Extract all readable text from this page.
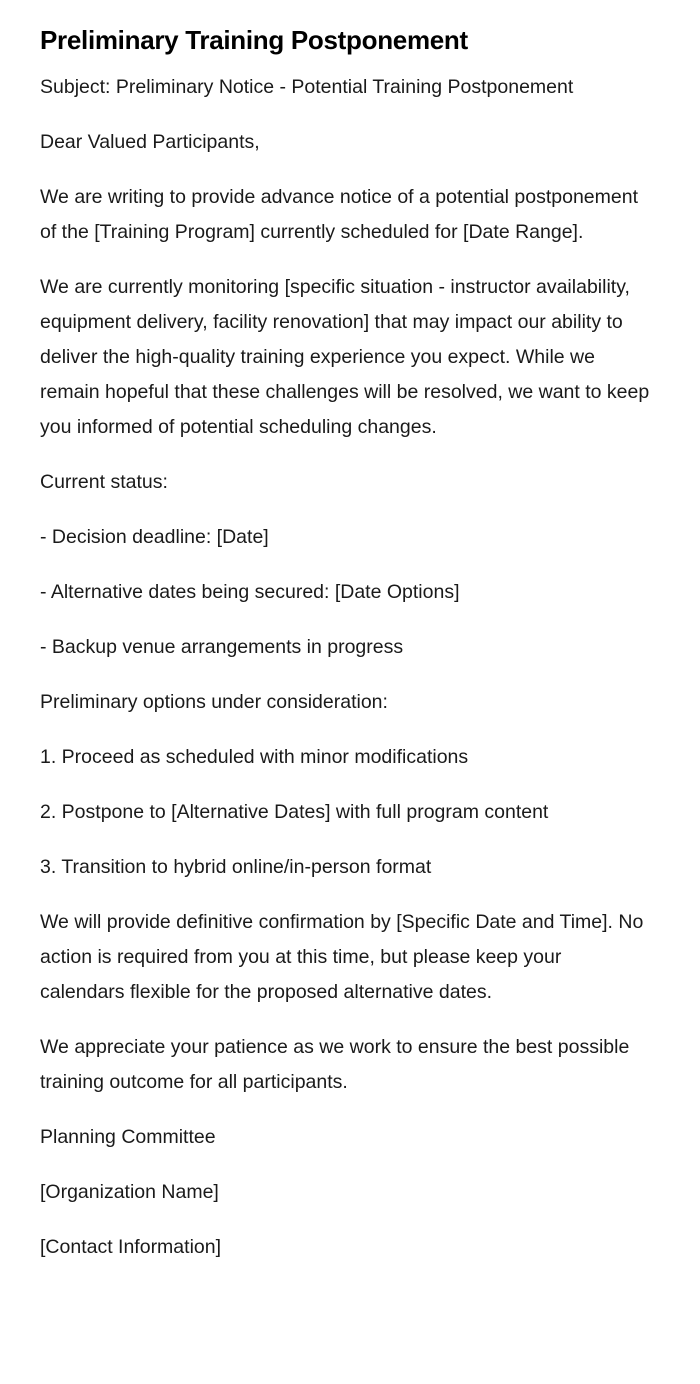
Preliminary Training Postponement

Subject: Preliminary Notice - Potential Training Postponement

Dear Valued Participants,

We are writing to provide advance notice of a potential postponement of the [Training Program] currently scheduled for [Date Range].

We are currently monitoring [specific situation - instructor availability, equipment delivery, facility renovation] that may impact our ability to deliver the high-quality training experience you expect. While we remain hopeful that these challenges will be resolved, we want to keep you informed of potential scheduling changes.

Current status:

- Decision deadline: [Date]

- Alternative dates being secured: [Date Options]

- Backup venue arrangements in progress

Preliminary options under consideration:

1. Proceed as scheduled with minor modifications

2. Postpone to [Alternative Dates] with full program content

3. Transition to hybrid online/in-person format

We will provide definitive confirmation by [Specific Date and Time]. No action is required from you at this time, but please keep your calendars flexible for the proposed alternative dates.

We appreciate your patience as we work to ensure the best possible training outcome for all participants.

Planning Committee

[Organization Name]

[Contact Information]
